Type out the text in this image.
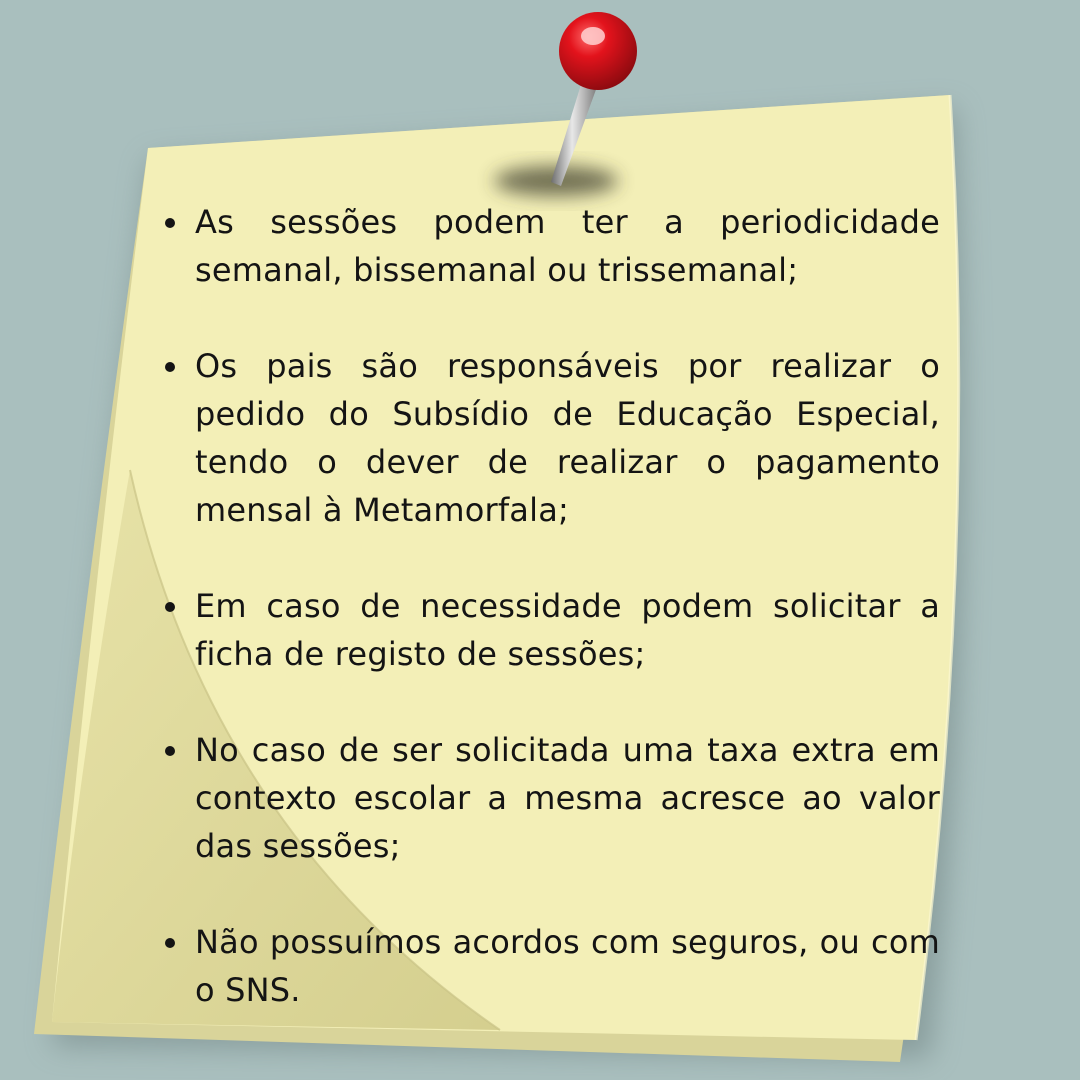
As sessões podem ter a periodicidade semanal, bissemanal ou trissemanal;
Os pais são responsáveis por realizar o pedido do Subsídio de Educação Especial, tendo o dever de realizar o pagamento mensal à Metamorfala;
Em caso de necessidade podem solicitar a ficha de registo de sessões;
No caso de ser solicitada uma taxa extra em contexto escolar a mesma acresce ao valor das sessões;
Não possuímos acordos com seguros, ou com o SNS.
